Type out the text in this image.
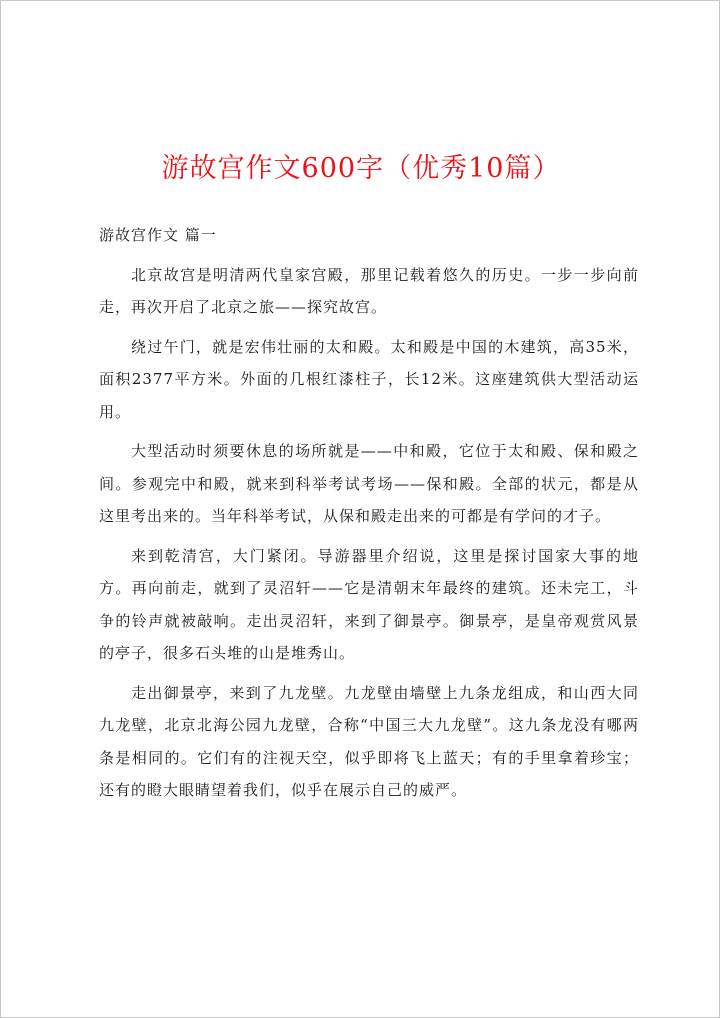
游故宫作文600字（优秀10篇）

游故宫作文 篇一

北京故宫是明清两代皇家宫殿，那里记载着悠久的历史。一步一步向前走，再次开启了北京之旅——探究故宫。

绕过午门，就是宏伟壮丽的太和殿。太和殿是中国的木建筑，高35米，面积2377平方米。外面的几根红漆柱子，长12米。这座建筑供大型活动运用。

大型活动时须要休息的场所就是——中和殿，它位于太和殿、保和殿之间。参观完中和殿，就来到科举考试考场——保和殿。全部的状元，都是从这里考出来的。当年科举考试，从保和殿走出来的可都是有学问的才子。

来到乾清宫，大门紧闭。导游器里介绍说，这里是探讨国家大事的地方。再向前走，就到了灵沼轩——它是清朝末年最终的建筑。还未完工，斗争的铃声就被敲响。走出灵沼轩，来到了御景亭。御景亭，是皇帝观赏风景的亭子，很多石头堆的山是堆秀山。

走出御景亭，来到了九龙壁。九龙壁由墙壁上九条龙组成，和山西大同九龙壁，北京北海公园九龙壁，合称“中国三大九龙壁”。这九条龙没有哪两条是相同的。它们有的注视天空，似乎即将飞上蓝天；有的手里拿着珍宝；还有的瞪大眼睛望着我们，似乎在展示自己的威严。
